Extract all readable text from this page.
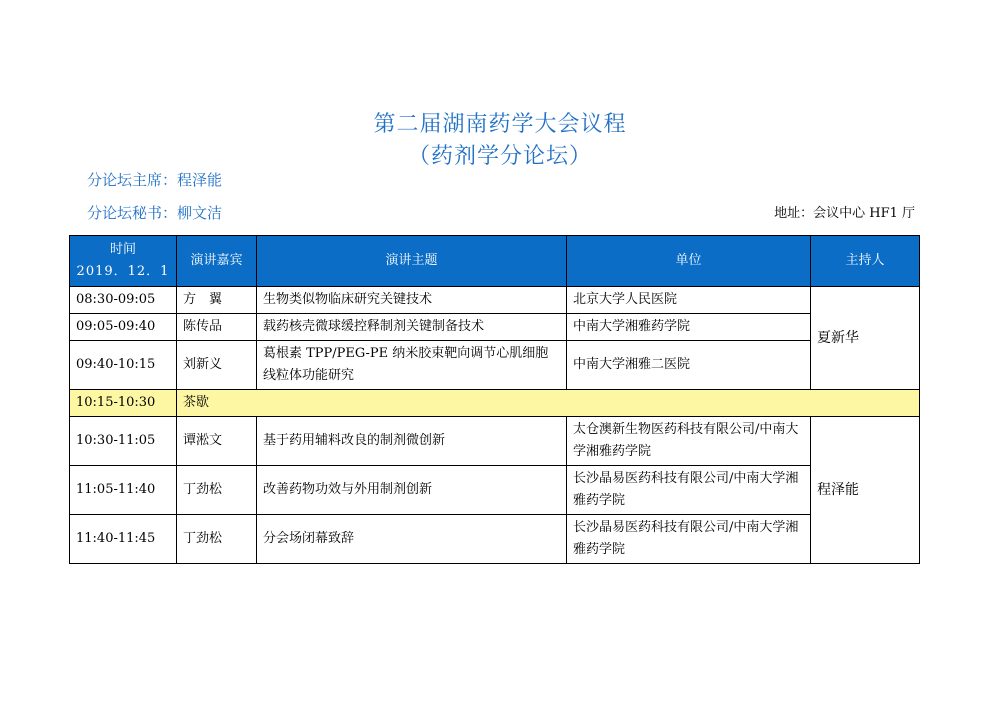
第二届湖南药学大会议程
（药剂学分论坛）
分论坛主席：程泽能
分论坛秘书：柳文洁	地址：会议中心 HF1 厅
时间
2019．12．1	演讲嘉宾	演讲主题	单位	主持人
08:30-09:05	方　翼	生物类似物临床研究关键技术	北京大学人民医院	夏新华
09:05-09:40	陈传品	载药核壳微球缓控释制剂关键制备技术	中南大学湘雅药学院	
09:40-10:15	刘新义	葛根素 TPP/PEG-PE 纳米胶束靶向调节心肌细胞线粒体功能研究	中南大学湘雅二医院	
10:15-10:30	茶歇			
10:30-11:05	谭淞文	基于药用辅料改良的制剂微创新	太仓澳新生物医药科技有限公司/中南大学湘雅药学院	程泽能
11:05-11:40	丁劲松	改善药物功效与外用制剂创新	长沙晶易医药科技有限公司/中南大学湘雅药学院	
11:40-11:45	丁劲松	分会场闭幕致辞	长沙晶易医药科技有限公司/中南大学湘雅药学院	
